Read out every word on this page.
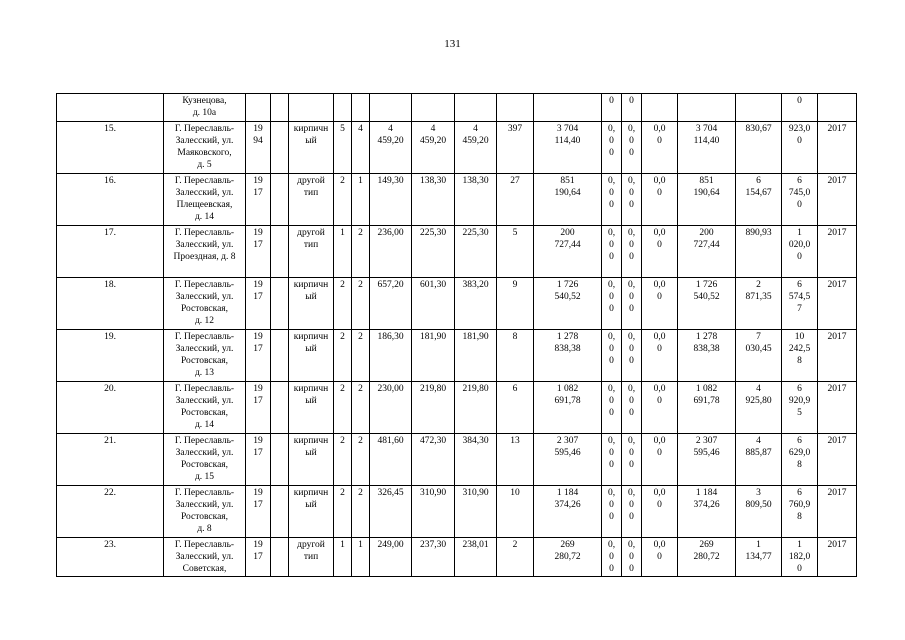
131
	Кузнецова,
д. 10а											0	0				0	
15.	Г. Переславль-
Залесский, ул.
Маяковского,
д. 5	19
94		кирпичн
ый	5	4	4
459,20	4
459,20	4
459,20	397	3 704
114,40	0,
0
0	0,
0
0	0,0
0	3 704
114,40	830,67	923,0
0	2017
16.	Г. Переславль-
Залесский, ул.
Плещеевская,
д. 14	19
17		другой
тип	2	1	149,30	138,30	138,30	27	851
190,64	0,
0
0	0,
0
0	0,0
0	851
190,64	6
154,67	6
745,0
0	2017
17.	Г. Переславль-
Залесский, ул.
Проездная, д. 8	19
17		другой
тип	1	2	236,00	225,30	225,30	5	200
727,44	0,
0
0	0,
0
0	0,0
0	200
727,44	890,93	1
020,0
0	2017
18.	Г. Переславль-
Залесский, ул.
Ростовская,
д. 12	19
17		кирпичн
ый	2	2	657,20	601,30	383,20	9	1 726
540,52	0,
0
0	0,
0
0	0,0
0	1 726
540,52	2
871,35	6
574,5
7	2017
19.	Г. Переславль-
Залесский, ул.
Ростовская,
д. 13	19
17		кирпичн
ый	2	2	186,30	181,90	181,90	8	1 278
838,38	0,
0
0	0,
0
0	0,0
0	1 278
838,38	7
030,45	10
242,5
8	2017
20.	Г. Переславль-
Залесский, ул.
Ростовская,
д. 14	19
17		кирпичн
ый	2	2	230,00	219,80	219,80	6	1 082
691,78	0,
0
0	0,
0
0	0,0
0	1 082
691,78	4
925,80	6
920,9
5	2017
21.	Г. Переславль-
Залесский, ул.
Ростовская,
д. 15	19
17		кирпичн
ый	2	2	481,60	472,30	384,30	13	2 307
595,46	0,
0
0	0,
0
0	0,0
0	2 307
595,46	4
885,87	6
629,0
8	2017
22.	Г. Переславль-
Залесский, ул.
Ростовская,
д. 8	19
17		кирпичн
ый	2	2	326,45	310,90	310,90	10	1 184
374,26	0,
0
0	0,
0
0	0,0
0	1 184
374,26	3
809,50	6
760,9
8	2017
23.	Г. Переславль-
Залесский, ул.
Советская,	19
17		другой
тип	1	1	249,00	237,30	238,01	2	269
280,72	0,
0
0	0,
0
0	0,0
0	269
280,72	1
134,77	1
182,0
0	2017
